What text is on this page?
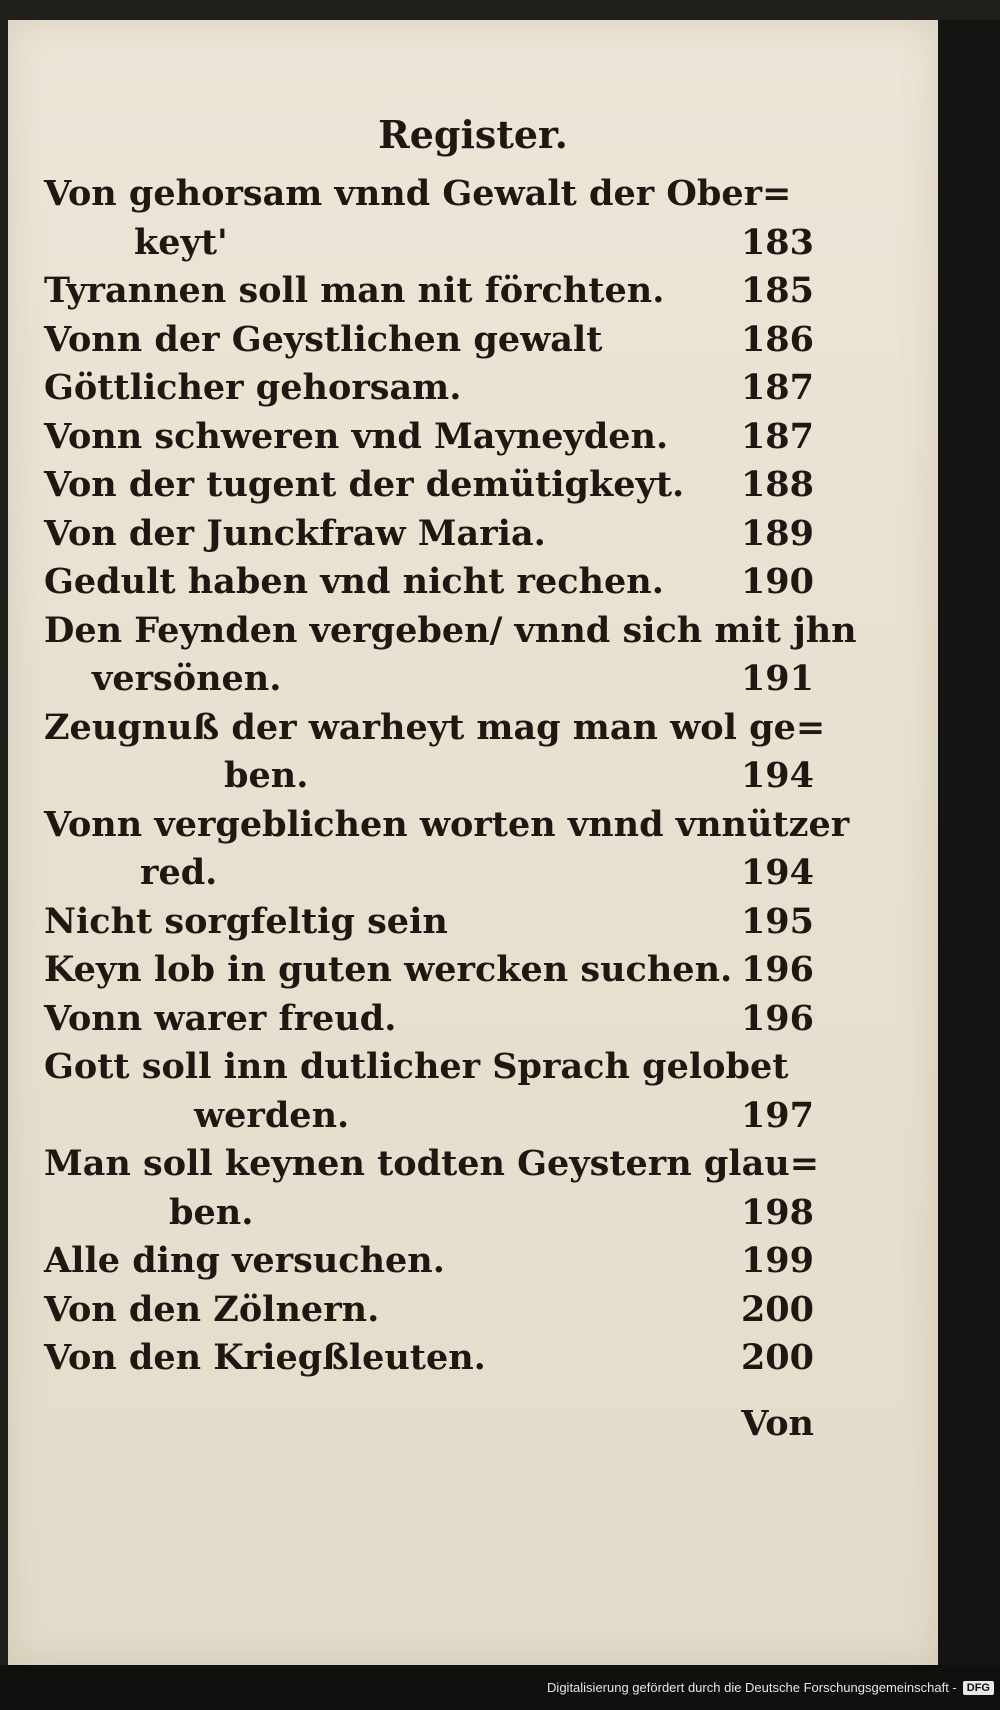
Register.
Von gehorsam vnnd Gewalt der Ober=
keyt'	183
Tyrannen soll man nit förchten. 185
Vonn der Geystlichen gewalt	186
Göttlicher gehorsam.	187
Vonn schweren vnd Mayneyden. 187
Von der tugent der demütigkeyt. 188
Von der Junckfraw Maria.	189
Gedult haben vnd nicht rechen. 190
Den Feynden vergeben/ vnnd sich mit jhn
versönen.	191
Zeugnuß der warheyt mag man wol ge=
ben.	194
Vonn vergeblichen worten vnnd vnnützer
red.	194
Nicht sorgfeltig sein	195
Keyn lob in guten wercken suchen. 196
Vonn warer freud.	196
Gott soll inn dutlicher Sprach gelobet
werden.	197
Man soll keynen todten Geystern glau=
ben.	198
Alle ding versuchen.	199
Von den Zölnern.	200
Von den Kriegßleuten.	200
Von
Digitalisierung gefördert durch die Deutsche Forschungsgemeinschaft - DFG
